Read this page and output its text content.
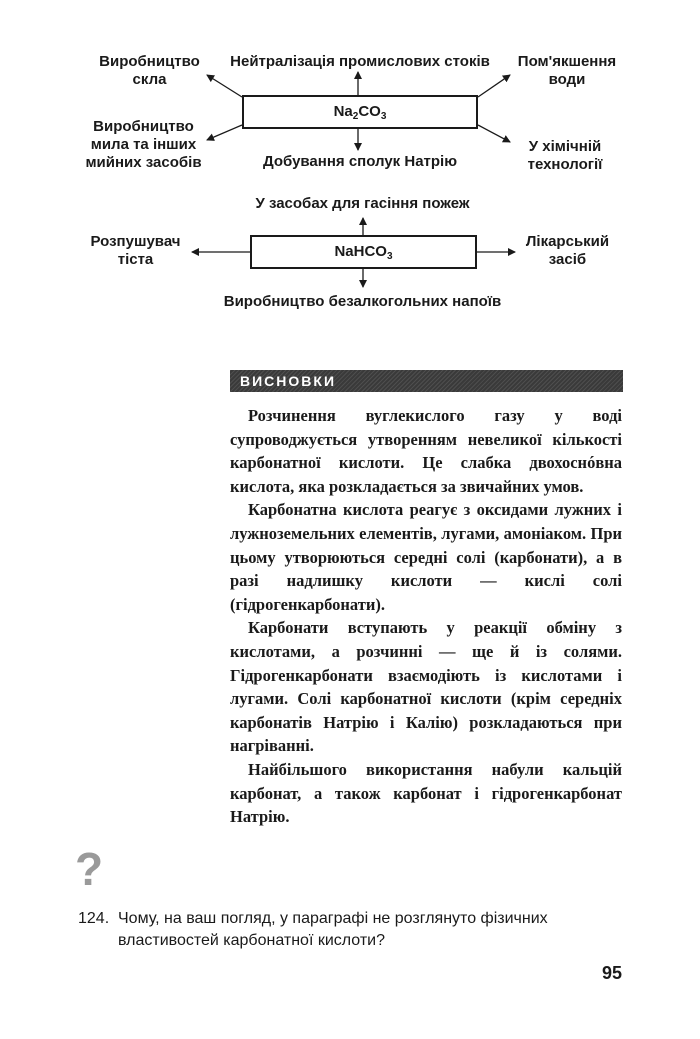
$Na_2CO_3$
Виробництво
скла
Нейтралізація промислових стоків	Пом'якшення
води
Виробництво
мила та інших
мийних засобів	Добування сполук Натрію
У хімічній
технології
NaHCO$_3$
У засобах для гасіння пожеж
Розпушувач
тіста
Лікарський
засіб
Виробництво безалкогольних напоїв
ВИСНОВКИ

Розчинення вуглекислого газу у воді супроводжується утворенням невеликої кількості карбонатної кислоти. Це слабка двохоснóвна кислота, яка розкладається за звичайних умов.

Карбонатна кислота реагує з оксидами лужних і лужноземельних елементів, лугами, амоніаком. При цьому утворюються середні солі (карбонати), а в разі надлишку кислоти — кислі солі (гідрогенкарбонати).

Карбонати вступають у реакції обміну з кислотами, а розчинні — ще й із солями. Гідрогенкарбонати взаємодіють із кислотами і лугами. Солі карбонатної кислоти (крім середніх карбонатів Натрію і Калію) розкладаються при нагріванні.

Найбільшого використання набули кальцій карбонат, а також карбонат і гідрогенкарбонат Натрію.

?
124. Чому, на ваш погляд, у параграфі не розглянуто фізичних властивостей карбонатної кислоти?
95
